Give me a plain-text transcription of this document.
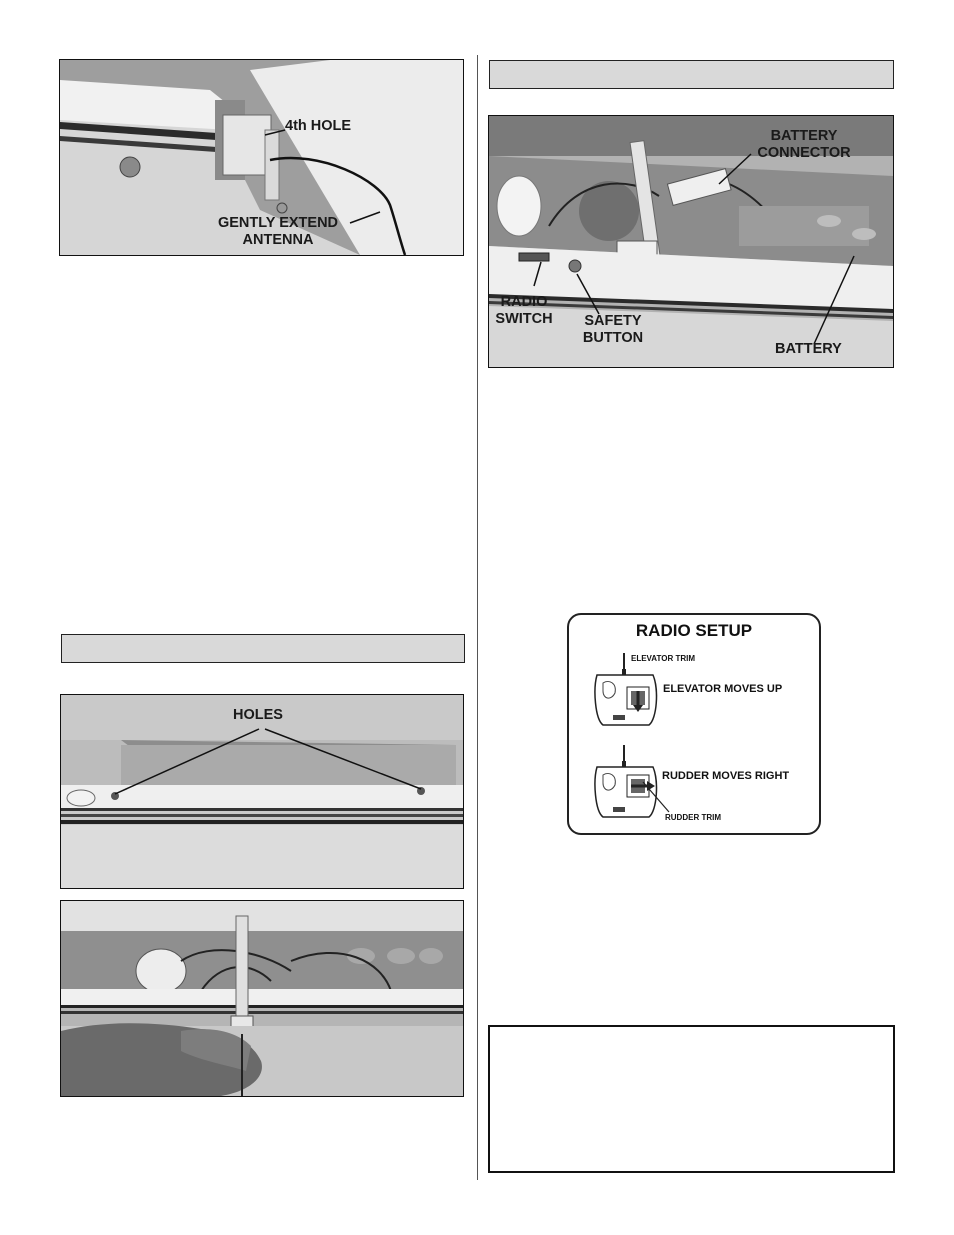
4th HOLE
GENTLY EXTEND
ANTENNA
HOLES
BATTERY
CONNECTOR
RADIO
SWITCH	SAFETY
BUTTON
BATTERY
RADIO SETUP
ELEVATOR TRIM
ELEVATOR MOVES UP
RUDDER MOVES RIGHT
RUDDER TRIM
